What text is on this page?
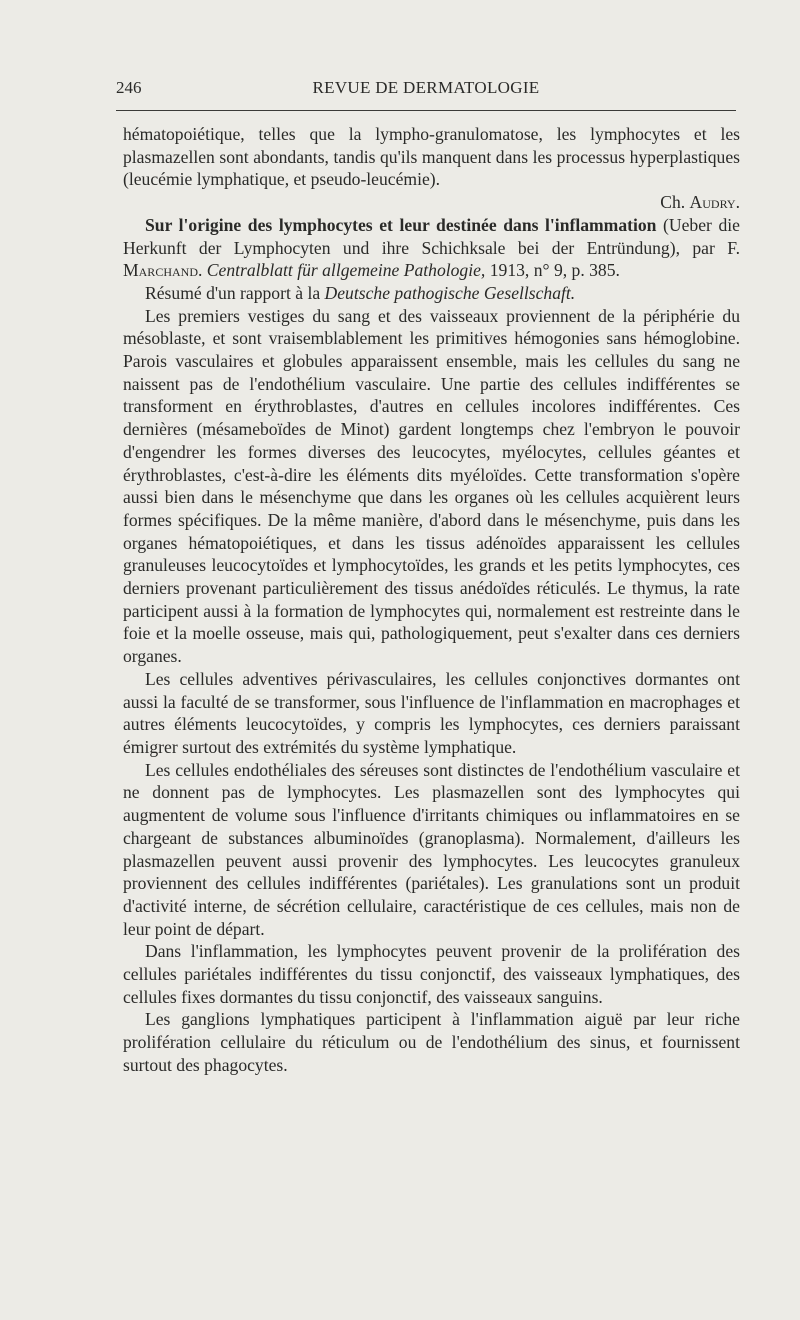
246	REVUE DE DERMATOLOGIE

hématopoiétique, telles que la lympho-granulomatose, les lymphocytes et les plasmazellen sont abondants, tandis qu'ils manquent dans les processus hyperplastiques (leucémie lymphatique, et pseudo-leucémie).

Ch. Audry.

Sur l'origine des lymphocytes et leur destinée dans l'inflammation (Ueber die Herkunft der Lymphocyten und ihre Schichksale bei der Entründung), par F. Marchand. Centralblatt für allgemeine Pathologie, 1913, n° 9, p. 385.

Résumé d'un rapport à la Deutsche pathogische Gesellschaft.

Les premiers vestiges du sang et des vaisseaux proviennent de la périphérie du mésoblaste, et sont vraisemblablement les primitives hémogonies sans hémoglobine. Parois vasculaires et globules apparaissent ensemble, mais les cellules du sang ne naissent pas de l'endothélium vasculaire. Une partie des cellules indifférentes se transforment en érythroblastes, d'autres en cellules incolores indifférentes. Ces dernières (mésameboïdes de Minot) gardent longtemps chez l'embryon le pouvoir d'engendrer les formes diverses des leucocytes, myélocytes, cellules géantes et érythroblastes, c'est-à-dire les éléments dits myéloïdes. Cette transformation s'opère aussi bien dans le mésenchyme que dans les organes où les cellules acquièrent leurs formes spécifiques. De la même manière, d'abord dans le mésenchyme, puis dans les organes hématopoiétiques, et dans les tissus adénoïdes apparaissent les cellules granuleuses leucocytoïdes et lymphocytoïdes, les grands et les petits lymphocytes, ces derniers provenant particulièrement des tissus anédoïdes réticulés. Le thymus, la rate participent aussi à la formation de lymphocytes qui, normalement est restreinte dans le foie et la moelle osseuse, mais qui, pathologiquement, peut s'exalter dans ces derniers organes.

Les cellules adventives périvasculaires, les cellules conjonctives dormantes ont aussi la faculté de se transformer, sous l'influence de l'inflammation en macrophages et autres éléments leucocytoïdes, y compris les lymphocytes, ces derniers paraissant émigrer surtout des extrémités du système lymphatique.

Les cellules endothéliales des séreuses sont distinctes de l'endothélium vasculaire et ne donnent pas de lymphocytes. Les plasmazellen sont des lymphocytes qui augmentent de volume sous l'influence d'irritants chimiques ou inflammatoires en se chargeant de substances albuminoïdes (granoplasma). Normalement, d'ailleurs les plasmazellen peuvent aussi provenir des lymphocytes. Les leucocytes granuleux proviennent des cellules indifférentes (pariétales). Les granulations sont un produit d'activité interne, de sécrétion cellulaire, caractéristique de ces cellules, mais non de leur point de départ.

Dans l'inflammation, les lymphocytes peuvent provenir de la prolifération des cellules pariétales indifférentes du tissu conjonctif, des vaisseaux lymphatiques, des cellules fixes dormantes du tissu conjonctif, des vaisseaux sanguins.

Les ganglions lymphatiques participent à l'inflammation aiguë par leur riche prolifération cellulaire du réticulum ou de l'endothélium des sinus, et fournissent surtout des phagocytes.
